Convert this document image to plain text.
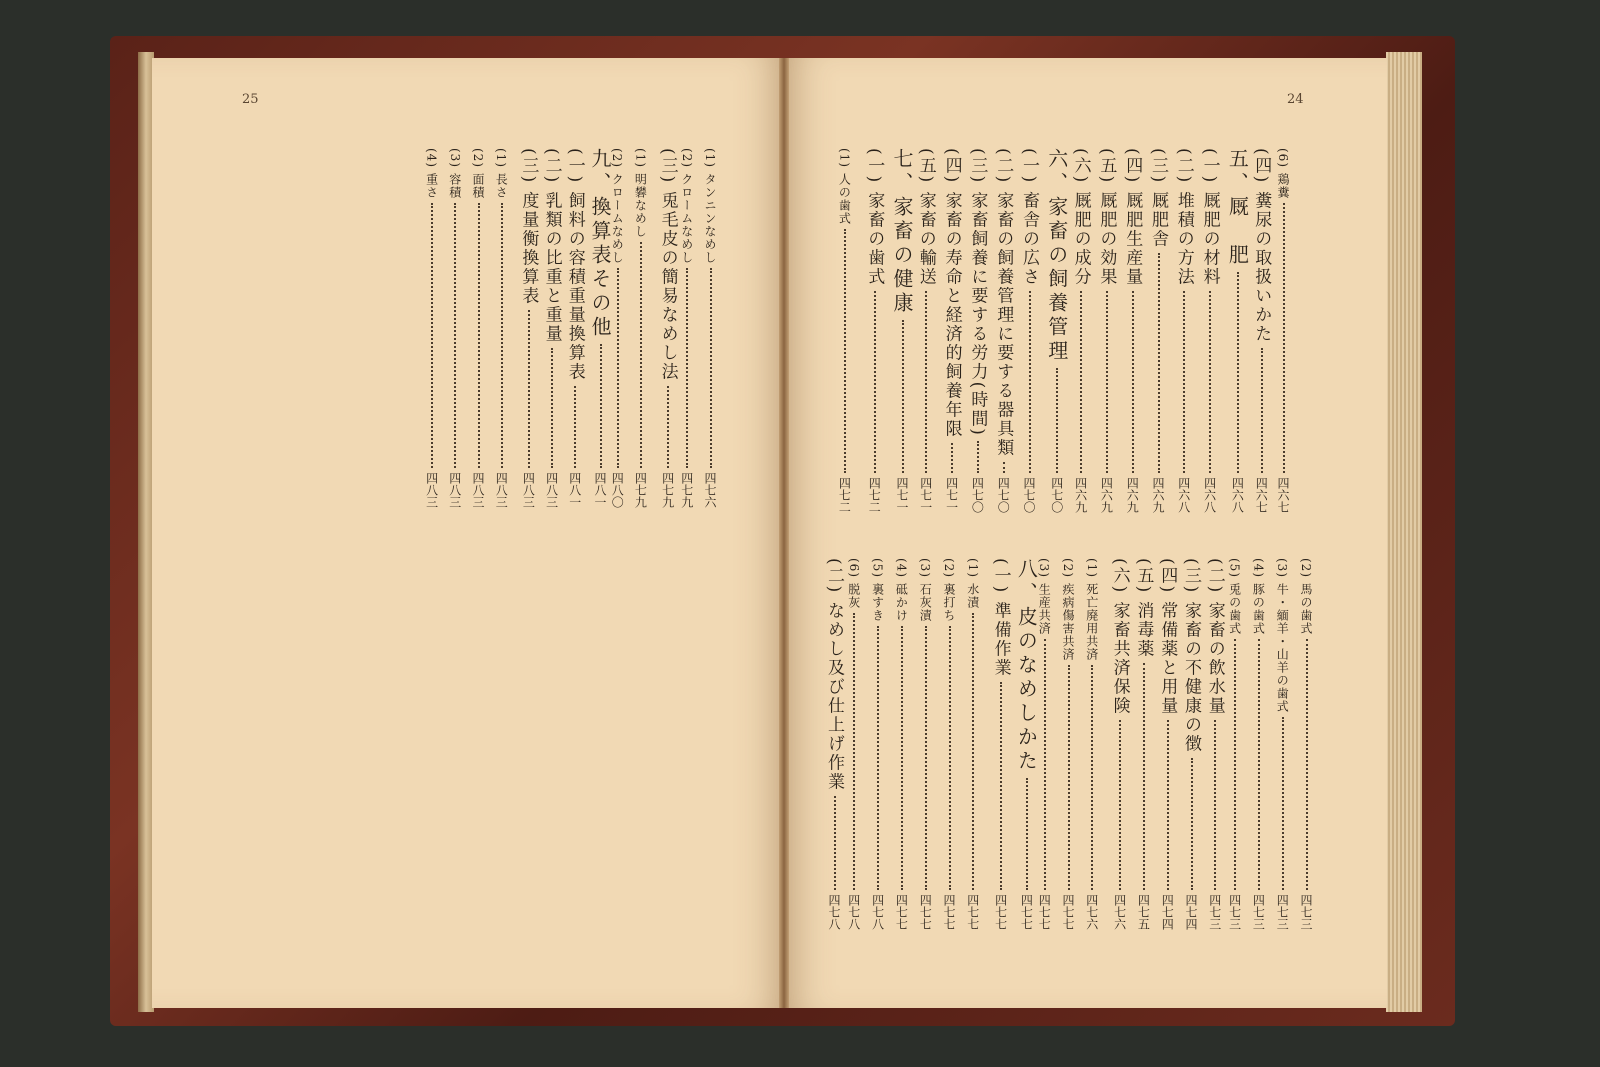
25	24
(1) タンニンなめし
四七六
(2) クロームなめし
四七九
(三) 兎毛皮の簡易なめし法
四七九
(1) 明礬なめし
四七九
(2) クロームなめし
四八〇
九、換算表その他
四八一
(一) 飼料の容積重量換算表
四八一
(二) 乳類の比重と重量
四八三
(三) 度量衡換算表
四八三
(1) 長さ
四八三
(2) 面積
四八三
(3) 容積
四八三
(4) 重さ
四八三
(6) 鶏糞
四六七
(四) 糞尿の取扱いかた
四六七
五、厩　肥
四六八
(一) 厩肥の材料
四六八
(二) 堆積の方法
四六八
(三) 厩肥舎
四六九
(四) 厩肥生産量
四六九
(五) 厩肥の効果
四六九
(六) 厩肥の成分
四六九
六、家畜の飼養管理
四七〇
(一) 畜舎の広さ
四七〇
(二) 家畜の飼養管理に要する器具類
四七〇
(三) 家畜飼養に要する労力(時間)
四七〇
(四) 家畜の寿命と経済的飼養年限
四七一
(五) 家畜の輸送
四七一
七、家畜の健康
四七一
(一) 家畜の歯式
四七二
(1) 人の歯式
四七二
(2) 馬の歯式
四七三
(3) 牛・緬羊・山羊の歯式
四七三
(4) 豚の歯式
四七三
(5) 兎の歯式
四七三
(二) 家畜の飲水量
四七三
(三) 家畜の不健康の徴
四七四
(四) 常備薬と用量
四七四
(五) 消毒薬
四七五
(六) 家畜共済保険
四七六
(1) 死亡廃用共済
四七六
(2) 疾病傷害共済
四七七
(3) 生産共済
四七七
八、皮のなめしかた
四七七
(一) 準備作業
四七七
(1) 水漬
四七七
(2) 裏打ち
四七七
(3) 石灰漬
四七七
(4) 砥かけ
四七七
(5) 裏すき
四七八
(6) 脱灰
四七八
(二) なめし及び仕上げ作業
四七八
